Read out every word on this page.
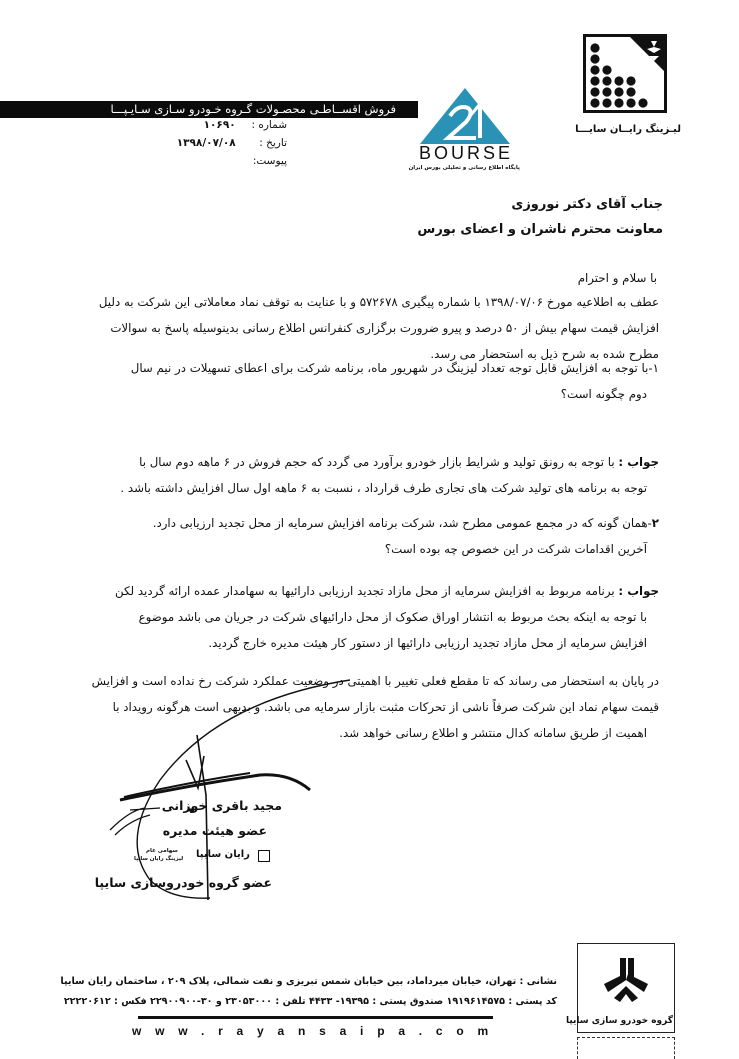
فروش اقســاطـی محصـولات گـروه خـودرو سـازی سـایـپـــا
شماره : ۱۰۶۹۰
تاریخ : ۱۳۹۸/۰۷/۰۸
پیوست:	BOURSE
پایگاه اطلاع رسانی و تحلیلی بورس ایران
لیـزینگ رایــان سایـــا
جناب آقای دکتر نوروزی
معاونت محترم ناشران و اعضای بورس
با سلام و احترام
عطف به اطلاعیه مورخ ۱۳۹۸/۰۷/۰۶ با شماره پیگیری ۵۷۲۶۷۸ و با عنایت به توقف نماد معاملاتی این شرکت به دلیل
افزایش قیمت سهام بیش از ۵۰ درصد و پیرو ضرورت برگزاری کنفرانس اطلاع رسانی بدینوسیله پاسخ به سوالات
مطرح شده به شرح ذیل به استحضار می رسد.
۱-با توجه به افزایش قابل توجه تعداد لیزینگ در شهریور ماه، برنامه شرکت برای اعطای تسهیلات در نیم سال
دوم چگونه است؟
جواب : با توجه به رونق تولید و شرایط بازار خودرو برآورد می گردد که حجم فروش در ۶ ماهه دوم سال با
توجه به برنامه های تولید شرکت های تجاری طرف قرارداد ، نسبت به ۶ ماهه اول سال افزایش داشته باشد .
۲-همان گونه که در مجمع عمومی مطرح شد، شرکت برنامه افزایش سرمایه از محل تجدید ارزیابی دارد.
آخرین اقدامات شرکت در این خصوص چه بوده است؟
جواب : برنامه مربوط به افزایش سرمایه از محل مازاد تجدید ارزیابی دارائیها به سهامدار عمده ارائه گردید لکن
با توجه به اینکه بحث مربوط به انتشار اوراق صکوک از محل دارائیهای شرکت در جریان می باشد موضوع
افزایش سرمایه از محل مازاد تجدید ارزیابی دارائیها از دستور کار هیئت مدیره خارج گردید.
در پایان به استحضار می رساند که تا مقطع فعلی تغییر با اهمیتی در وضعیت عملکرد شرکت رخ نداده است و افزایش
قیمت سهام نماد این شرکت صرفاً ناشی از تحرکات مثبت بازار سرمایه می باشد. و بدیهی است هرگونه رویداد با
اهمیت از طریق سامانه کدال منتشر و اطلاع رسانی خواهد شد.
مجید باقری خوزانی
عضو هیئت مدیره
رایان سایپا
سهامی عام
لیزینگ رایان سایپا
عضو گروه خودروسازی سایپا
نشانی : تهران، خیابان میرداماد، بین خیابان شمس تبریزی و نفت شمالی، پلاک ۲۰۹ ، ساختمان رایان سایپا
کد پستی : ۱۹۱۹۶۱۴۵۷۵ صندوق پستی : ۱۹۳۹۵- ۴۴۳۳ تلفن : ۲۳۰۵۳۰۰۰ و ۳۰-۲۲۹۰۰۹۰۰ فکس : ۲۲۲۲۰۶۱۲
www.rayansaipa.com
گروه خودرو سازی سایپا
